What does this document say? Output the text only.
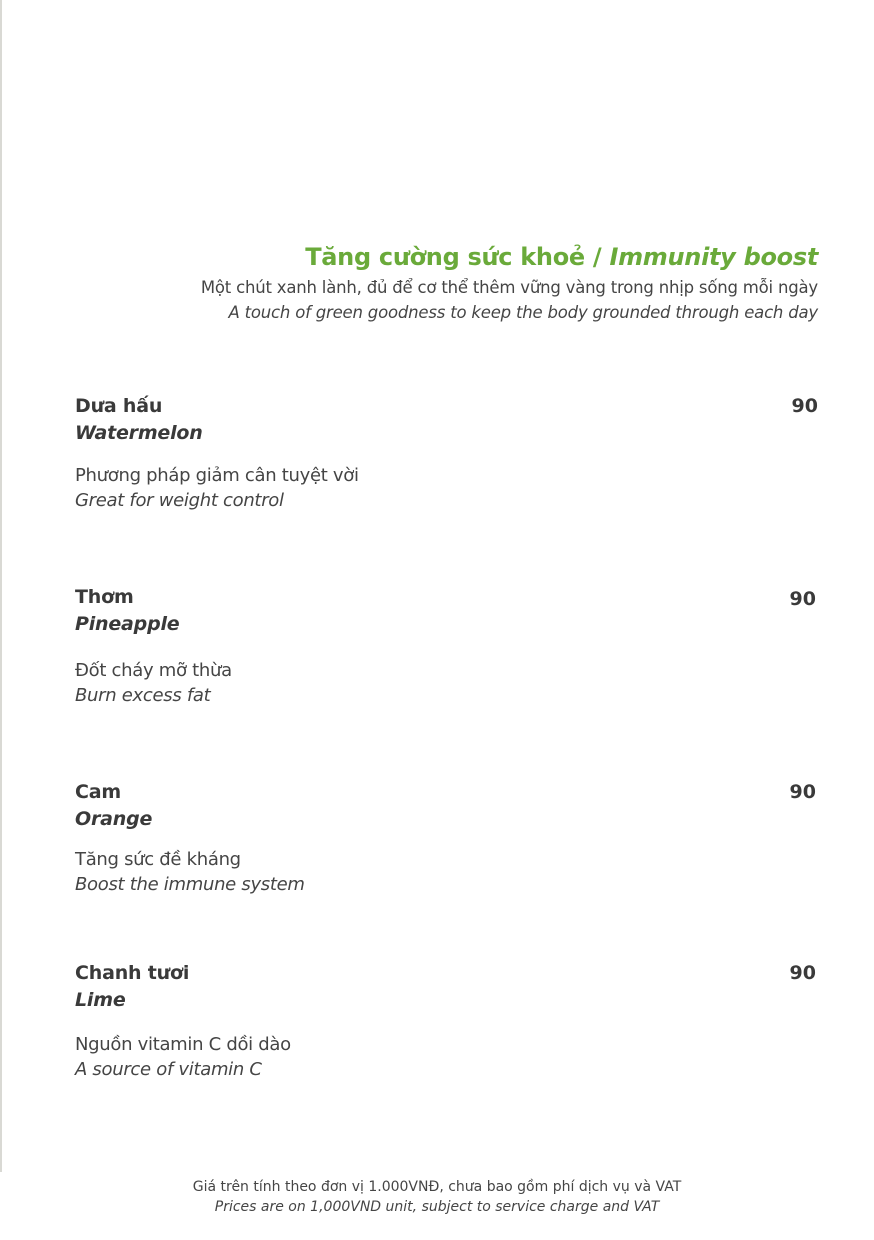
Tăng cường sức khoẻ / Immunity boost
Một chút xanh lành, đủ để cơ thể thêm vững vàng trong nhịp sống mỗi ngày
A touch of green goodness to keep the body grounded through each day
Dưa hấu
Watermelon
Phương pháp giảm cân tuyệt vời
Great for weight control
90
Thơm
Pineapple
Đốt cháy mỡ thừa
Burn excess fat
90
Cam
Orange
Tăng sức đề kháng
Boost the immune system
90
Chanh tươi
Lime
Nguồn vitamin C dồi dào
A source of vitamin C
90
Giá trên tính theo đơn vị 1.000VNĐ, chưa bao gồm phí dịch vụ và VAT
Prices are on 1,000VND unit, subject to service charge and VAT
